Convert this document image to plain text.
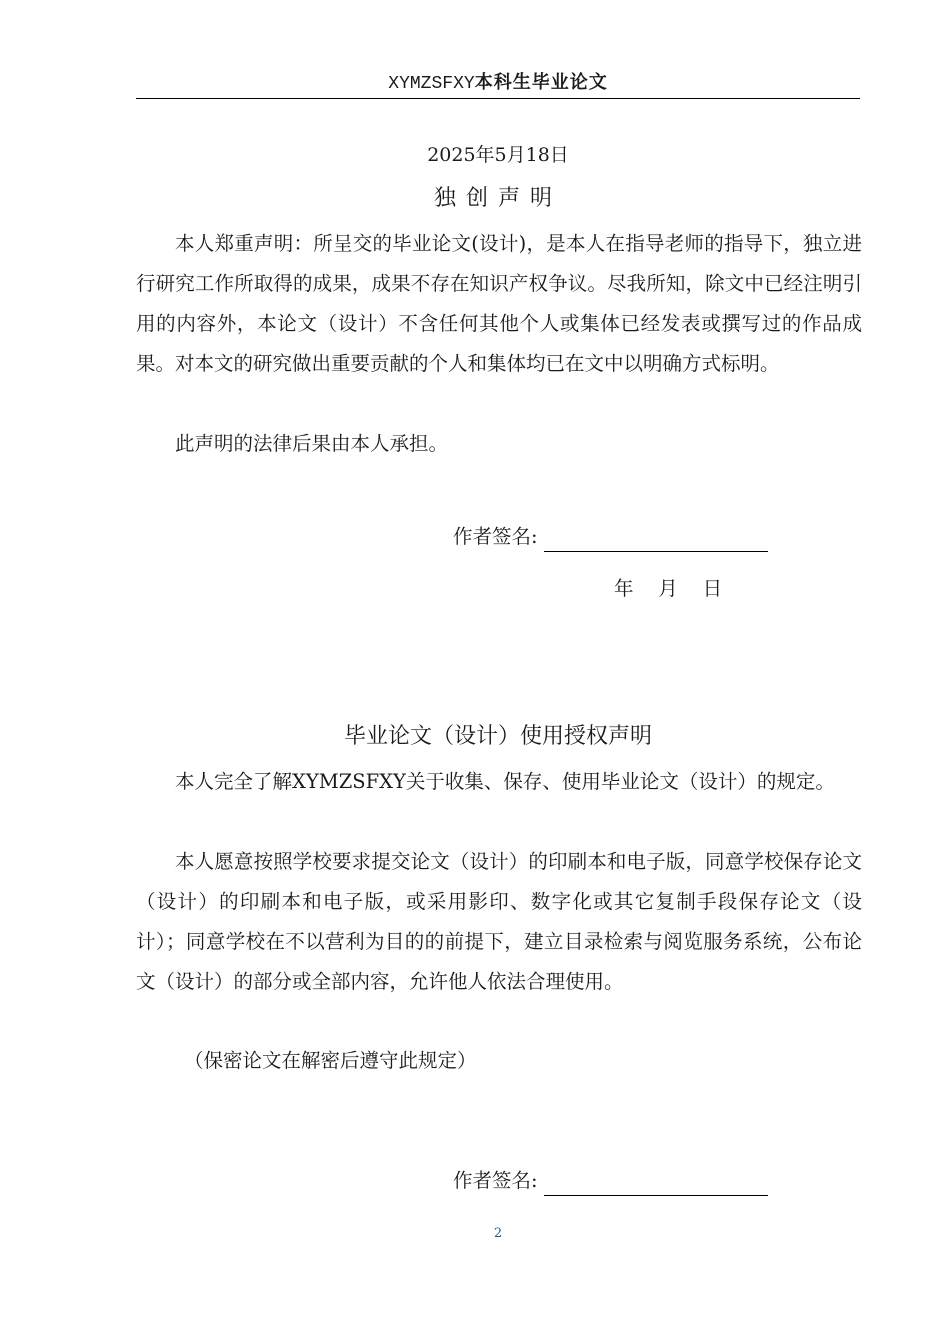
XYMZSFXY本科生毕业论文
2025年5月18日
独创声明

本人郑重声明：所呈交的毕业论文(设计)，是本人在指导老师的指导下，独立进行研究工作所取得的成果，成果不存在知识产权争议。尽我所知，除文中已经注明引用的内容外，本论文（设计）不含任何其他个人或集体已经发表或撰写过的作品成果。对本文的研究做出重要贡献的个人和集体均已在文中以明确方式标明。

此声明的法律后果由本人承担。

作者签名:
年    月    日
毕业论文（设计）使用授权声明

本人完全了解XYMZSFXY关于收集、保存、使用毕业论文（设计）的规定。

本人愿意按照学校要求提交论文（设计）的印刷本和电子版，同意学校保存论文（设计）的印刷本和电子版，或采用影印、数字化或其它复制手段保存论文（设计）；同意学校在不以营利为目的的前提下，建立目录检索与阅览服务系统，公布论文（设计）的部分或全部内容，允许他人依法合理使用。

（保密论文在解密后遵守此规定）
作者签名:
2
